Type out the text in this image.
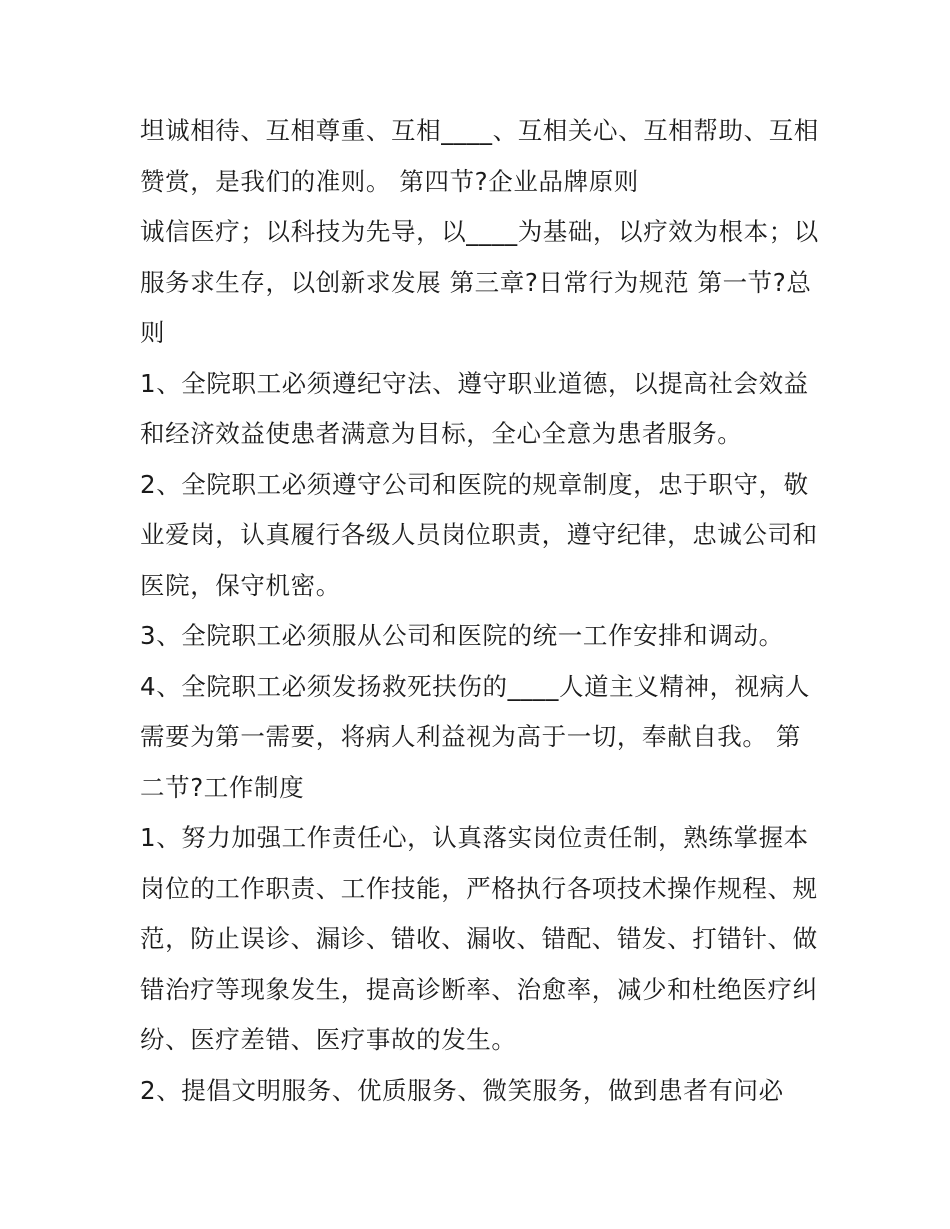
坦诚相待、互相尊重、互相____、互相关心、互相帮助、互相赞赏，是我们的准则。 第四节?企业品牌原则

诚信医疗；以科技为先导，以____为基础，以疗效为根本；以服务求生存，以创新求发展 第三章?日常行为规范 第一节?总则

1、全院职工必须遵纪守法、遵守职业道德，以提高社会效益和经济效益使患者满意为目标，全心全意为患者服务。

2、全院职工必须遵守公司和医院的规章制度，忠于职守，敬业爱岗，认真履行各级人员岗位职责，遵守纪律，忠诚公司和医院，保守机密。

3、全院职工必须服从公司和医院的统一工作安排和调动。

4、全院职工必须发扬救死扶伤的____人道主义精神，视病人需要为第一需要，将病人利益视为高于一切，奉献自我。 第二节?工作制度

1、努力加强工作责任心，认真落实岗位责任制，熟练掌握本岗位的工作职责、工作技能，严格执行各项技术操作规程、规范，防止误诊、漏诊、错收、漏收、错配、错发、打错针、做错治疗等现象发生，提高诊断率、治愈率，减少和杜绝医疗纠纷、医疗差错、医疗事故的发生。

2、提倡文明服务、优质服务、微笑服务，做到患者有问必
